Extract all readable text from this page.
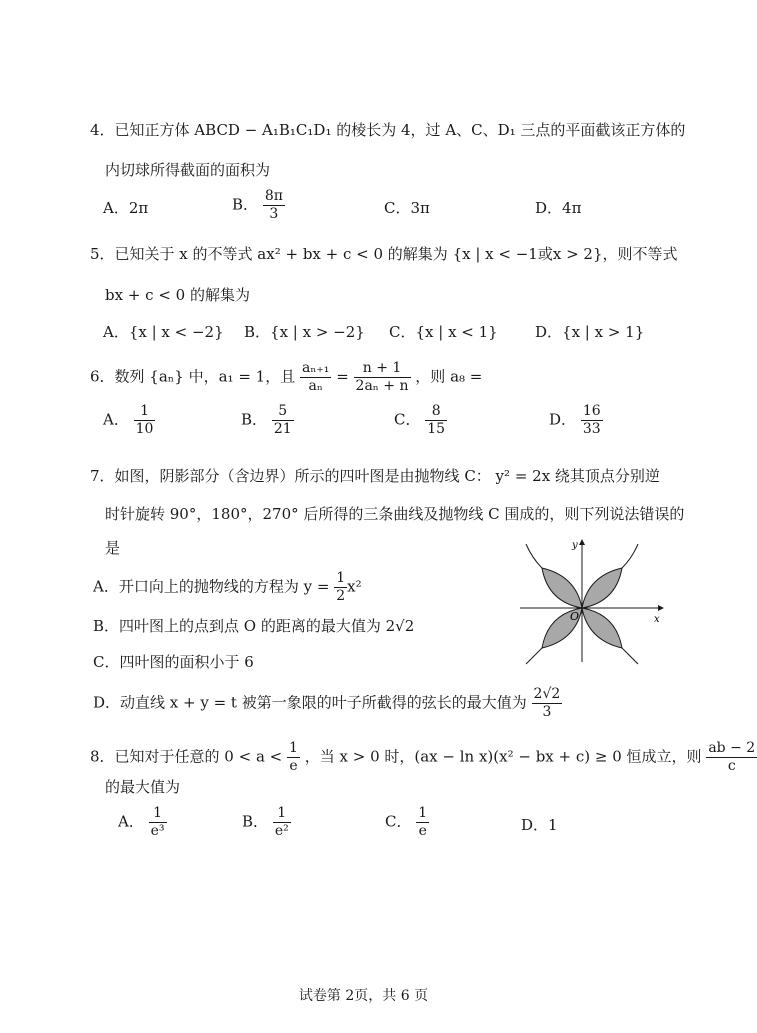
4．已知正方体 ABCD − A₁B₁C₁D₁ 的棱长为 4，过 A、C、D₁ 三点的平面截该正方体的
内切球所得截面的面积为
A．2π	B． $\frac{8\pi}{3}$	C．3π	D．4π
5．已知关于 x 的不等式 ax² + bx + c < 0 的解集为 {x | x < −1或x > 2}，则不等式
bx + c < 0 的解集为
A．{x | x < −2} B．{x | x > −2} C．{x | x < 1} D．{x | x > 1}
6．数列 {aₙ} 中，a₁ = 1，且 $\frac{\text{aₙ₊₁}}{\text{aₙ}} = \frac{n + 1}{\text{2aₙ + n}}$ ，则 a₈ =
A． $\frac{1}{10}$	B． $\frac{5}{21}$	C． $\frac{8}{15}$	D． $\frac{16}{33}$
7．如图，阴影部分（含边界）所示的四叶图是由抛物线 C： y² = 2x 绕其顶点分别逆
时针旋转 90°，180°，270° 后所得的三条曲线及抛物线 C 围成的，则下列说法错误的
是
A．开口向上的抛物线的方程为 $y = \frac{1}{2} x^2$
B．四叶图上的点到点 O 的距离的最大值为 2√2
C．四叶图的面积小于 6
D．动直线 x + y = t 被第一象限的叶子所截得的弦长的最大值为 $\frac{2√2}{3}$
x
y
O
8．已知对于任意的 $0 < a < \frac{1}{e}$ ，当 x > 0 时，(ax − ln x)(x² − bx + c) ≥ 0 恒成立，则 $\frac{ab - 2}{c}$
的最大值为
A． $\frac{1}{\text{e³}}$	B． $\frac{1}{\text{e²}}$	C． $\frac{1}{e}$	D．1
试卷第 2页，共 6 页
